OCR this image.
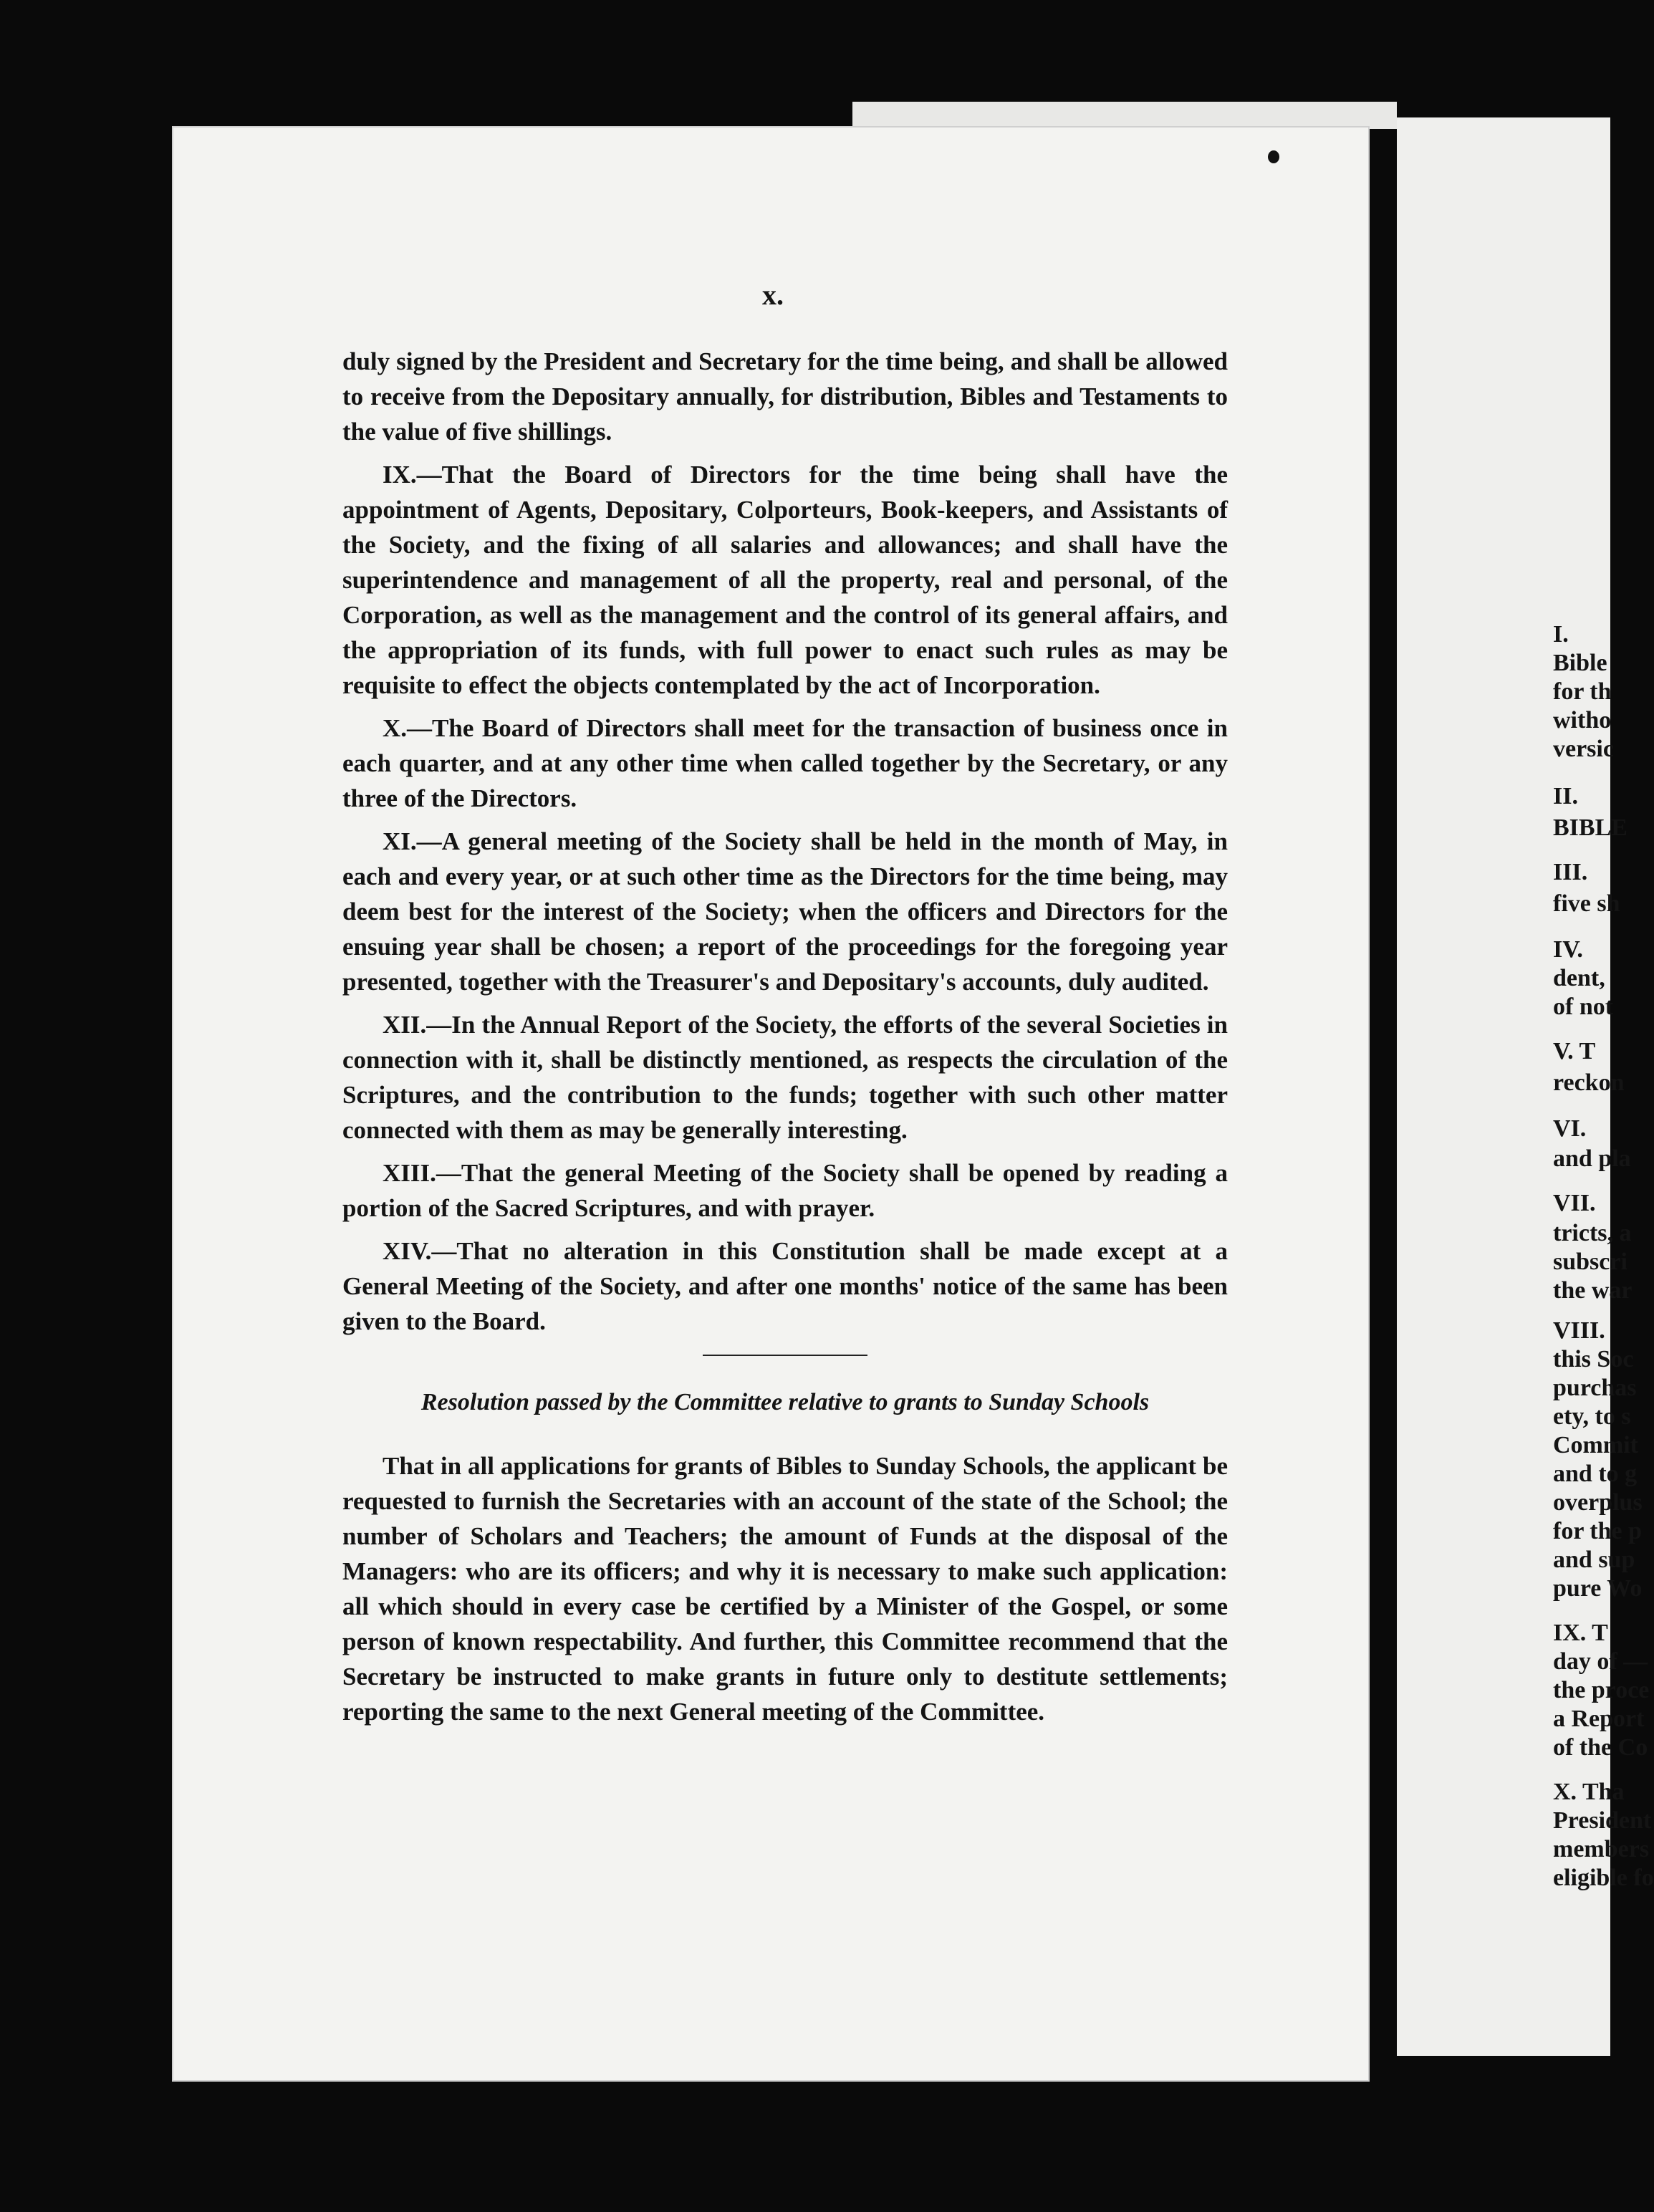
x.

duly signed by the President and Secretary for the time being, and shall be allowed to receive from the Depositary annually, for distribution, Bibles and Testaments to the value of five shillings.

IX.—That the Board of Directors for the time being shall have the appointment of Agents, Depositary, Colporteurs, Book-keepers, and Assistants of the Society, and the fixing of all salaries and allowances; and shall have the superintendence and management of all the property, real and personal, of the Corporation, as well as the management and the control of its general affairs, and the appropriation of its funds, with full power to enact such rules as may be requisite to effect the objects contemplated by the act of Incorporation.

X.—The Board of Directors shall meet for the transaction of business once in each quarter, and at any other time when called together by the Secretary, or any three of the Directors.

XI.—A general meeting of the Society shall be held in the month of May, in each and every year, or at such other time as the Directors for the time being, may deem best for the interest of the Society; when the officers and Directors for the ensuing year shall be chosen; a report of the proceedings for the foregoing year presented, together with the Treasurer's and Depositary's accounts, duly audited.

XII.—In the Annual Report of the Society, the efforts of the several Societies in connection with it, shall be distinctly mentioned, as respects the circulation of the Scriptures, and the contribution to the funds; together with such other matter connected with them as may be generally interesting.

XIII.—That the general Meeting of the Society shall be opened by reading a portion of the Sacred Scriptures, and with prayer.

XIV.—That no alteration in this Constitution shall be made except at a General Meeting of the Society, and after one months' notice of the same has been given to the Board.

Resolution passed by the Committee relative to grants to Sunday Schools

That in all applications for grants of Bibles to Sunday Schools, the applicant be requested to furnish the Secretaries with an account of the state of the School; the number of Scholars and Teachers; the amount of Funds at the disposal of the Managers: who are its officers; and why it is necessary to make such application: all which should in every case be certified by a Minister of the Gospel, or some person of known respectability. And further, this Committee recommend that the Secretary be instructed to make grants in future only to destitute settlements; reporting the same to the next General meeting of the Committee.

I.
Bible
for th
witho
versic
II.
BIBLE
III.
five sh
IV.
dent,
of not
V. T
reckon
VI.
and pla
VII.
tricts, a
subscri
the war
VIII.
this Soc
purchas
ety, to s
Commit
and to g
overplus
for the p
and sup
pure Wo
IX. T
day of —
the proce
a Report
of the Co
X. Tha
President
members
eligible fo
